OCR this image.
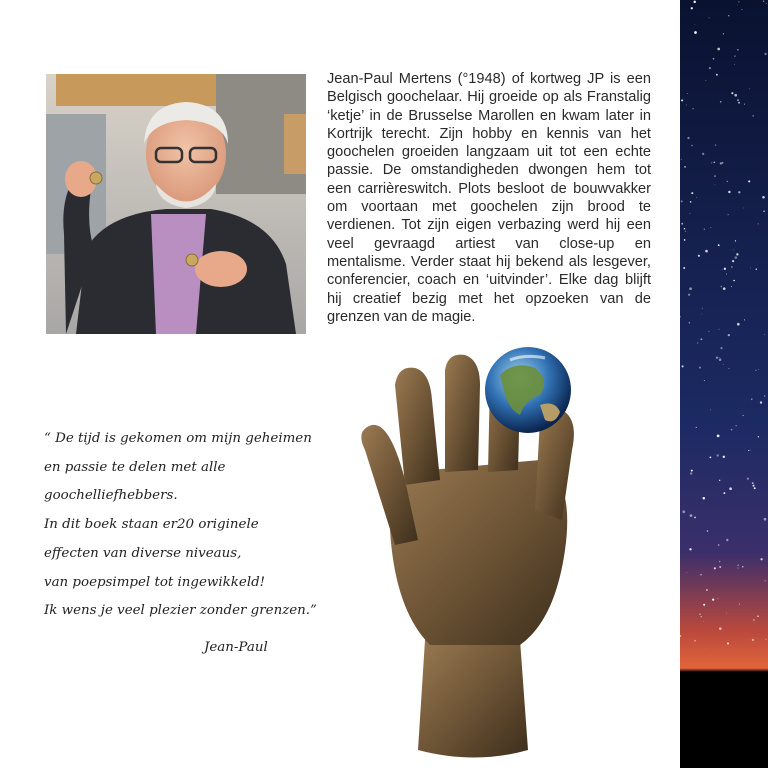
Jean-Paul Mertens (°1948) of kortweg JP is een Belgisch goochelaar. Hij groeide op als Franstalig ‘ketje’ in de Brusselse Marollen en kwam later in Kortrijk terecht. Zijn hobby en kennis van het goochelen groeiden langzaam uit tot een echte passie. De omstandigheden dwongen hem tot een carrièreswitch. Plots besloot de bouwvakker om voortaan met goochelen zijn brood te verdienen. Tot zijn eigen verbazing werd hij een veel gevraagd artiest van close-up en mentalisme. Verder staat hij bekend als lesgever, conferencier, coach en ‘uitvinder’. Elke dag blijft hij creatief bezig met het opzoeken van de grenzen van de magie.

“ De tijd is gekomen om mijn geheimen
en passie te delen met alle
goochelliefhebbers.
In dit boek staan er20 originele
effecten van diverse niveaus,
van poepsimpel tot ingewikkeld!
Ik wens je veel plezier zonder grenzen.”
Jean-Paul
